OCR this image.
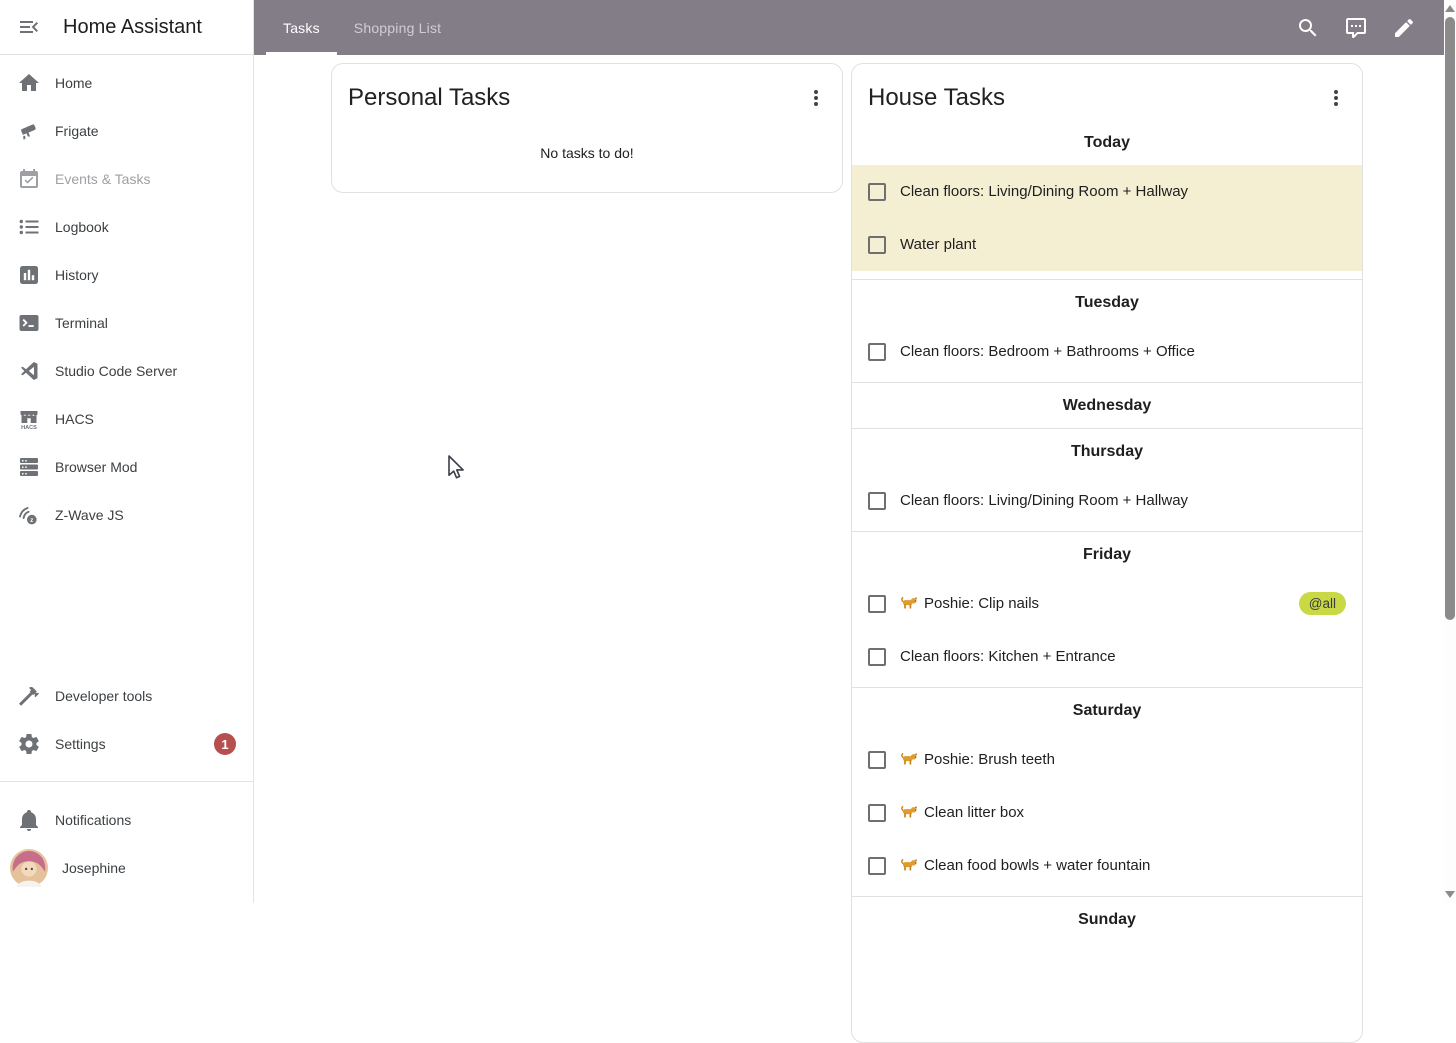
Home Assistant
Home
Frigate
Events & Tasks
Logbook
History
Terminal
Studio Code Server
HACS
HACS
Browser Mod
z Z-Wave JS
Developer tools
Settings	1
Notifications
Josephine
Tasks Shopping List
Personal Tasks
No tasks to do!
House Tasks
Today
Clean floors: Living/Dining Room + Hallway
Water plant
Tuesday
Clean floors: Bedroom + Bathrooms + Office
Wednesday
Thursday
Clean floors: Living/Dining Room + Hallway
Friday
Poshie: Clip nails	@all
Clean floors: Kitchen + Entrance
Saturday
Poshie: Brush teeth
Clean litter box
Clean food bowls + water fountain
Sunday
